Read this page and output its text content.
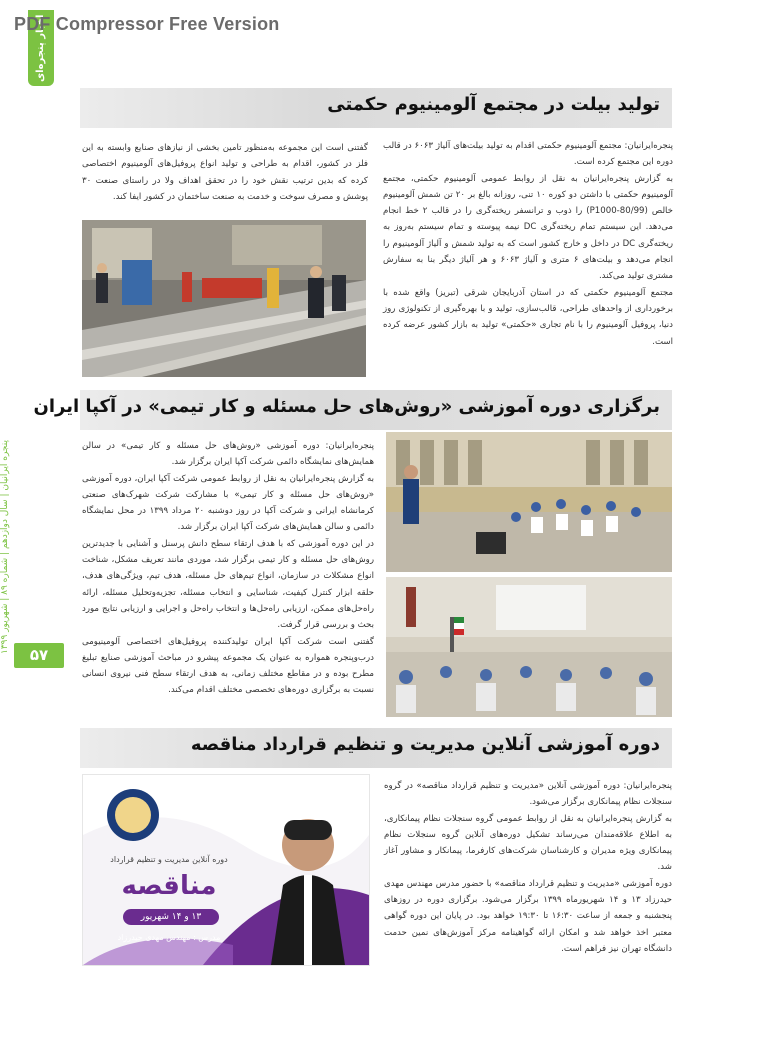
اخبار پنجره‌ای
PDF Compressor Free Version
پنجره ایرانیان | سال دوازدهم | شماره ۸۹ | شهریور ۱۳۹۹
۵۷
تولید بیلت در مجتمع آلومینیوم حکمتی

پنجره‌ایرانیان: مجتمع آلومینیوم حکمتی اقدام به تولید بیلت‌های آلیاژ ۶۰۶۳ در قالب دوره این مجتمع کرده است.

به گزارش پنجره‌ایرانیان به نقل از روابط عمومی آلومینیوم حکمتی، مجتمع آلومینیوم حکمتی با داشتن دو کوره ۱۰ تنی، روزانه بالغ بر ۲۰ تن شمش آلومینیوم خالص (P1000-80/99) را ذوب و ترانسفر ریخته‌گری را در قالب ۲ خط انجام می‌دهد. این سیستم تمام ریخته‌گری DC نیمه پیوسته و تمام سیستم به‌روز به ریخته‌گری DC در داخل و خارج کشور است که به تولید شمش و آلیاژ آلومینیوم را انجام می‌دهد و بیلت‌های ۶ متری و آلیاژ ۶۰۶۳ و هر آلیاژ دیگر بنا به سفارش مشتری تولید می‌کند.

مجتمع آلومینیوم حکمتی که در استان آذربایجان شرقی (تبریز) واقع شده با برخورداری از واحدهای طراحی، قالب‌سازی، تولید و با بهره‌گیری از تکنولوژی روز دنیا، پروفیل آلومینیوم را با نام تجاری «حکمتی» تولید به بازار کشور عرضه کرده است.

گفتنی است این مجموعه به‌منظور تامین بخشی از نیازهای صنایع وابسته به این فلز در کشور، اقدام به طراحی و تولید انواع پروفیل‌های آلومینیوم اختصاصی کرده که بدین ترتیب نقش خود را در تحقق اهداف ولا در راستای صنعت ۳۰ پوشش و مصرف سوخت و خدمت به صنعت ساختمان در کشور ایفا کند.

برگزاری دوره آموزشی «روش‌های حل مسئله و کار تیمی» در آکپا ایران

پنجره‌ایرانیان: دوره آموزشی «روش‌های حل مسئله و کار تیمی» در سالن همایش‌های نمایشگاه دائمی شرکت آکپا ایران برگزار شد.

به گزارش پنجره‌ایرانیان به نقل از روابط عمومی شرکت آکپا ایران، دوره آموزشی «روش‌های حل مسئله و کار تیمی» با مشارکت شرکت شهرک‌های صنعتی کرمانشاه ایرانی و شرکت آکپا در روز دوشنبه ۲۰ مرداد ۱۳۹۹ در محل نمایشگاه دائمی و سالن همایش‌های شرکت آکپا ایران برگزار شد.

در این دوره آموزشی که با هدف ارتقاء سطح دانش پرسنل و آشنایی با جدیدترین روش‌های حل مسئله و کار تیمی برگزار شد، موردی مانند تعریف مشکل، شناخت انواع مشکلات در سازمان، انواع تیم‌های حل مسئله، هدف تیم، ویژگی‌های هدف، حلقه ابزار کنترل کیفیت، شناسایی و انتخاب مسئله، تجزیه‌وتحلیل مسئله، ارائه راه‌حل‌های ممکن، ارزیابی راه‌حل‌ها و انتخاب راه‌حل و اجرایی و ارزیابی نتایج مورد بحث و بررسی قرار گرفت.

گفتنی است شرکت آکپا ایران تولیدکننده پروفیل‌های اختصاصی آلومینیومی درب‌وپنجره همواره به عنوان یک مجموعه پیشرو در مباحث آموزشی صنایع تبلیغ مطرح بوده و در مقاطع مختلف زمانی، به هدف ارتقاء سطح فنی نیروی انسانی نسبت به برگزاری دوره‌های تخصصی مختلف اقدام می‌کند.

دوره آموزشی آنلاین مدیریت و تنظیم قرارداد مناقصه

پنجره‌ایرانیان: دوره آموزشی آنلاین «مدیریت و تنظیم قرارداد مناقصه» در گروه سنجلات نظام پیمانکاری برگزار می‌شود.

به گزارش پنجره‌ایرانیان به نقل از روابط عمومی گروه سنجلات نظام پیمانکاری، به اطلاع علاقه‌مندان می‌رساند تشکیل دوره‌های آنلاین گروه سنجلات نظام پیمانکاری ویژه مدیران و کارشناسان شرکت‌های کارفرما، پیمانکار و مشاور آغاز شد.

دوره آموزشی «مدیریت و تنظیم قرارداد مناقصه» با حضور مدرس مهندس مهدی حیدرزاد ۱۳ و ۱۴ شهریورماه ۱۳۹۹ برگزار می‌شود. برگزاری دوره در روزهای پنجشنبه و جمعه از ساعت ۱۶:۳۰ تا ۱۹:۳۰ خواهد بود. در پایان این دوره گواهی معتبر اخذ خواهد شد و امکان ارائه گواهینامه مرکز آموزش‌های نمین حدمت دانشگاه تهران نیز فراهم است.

دوره آنلاین مدیریت و تنظیم قرارداد
مناقصه
۱۳ و ۱۴ شهریور
مدرس : مهندس مهدی حیدرزاد
